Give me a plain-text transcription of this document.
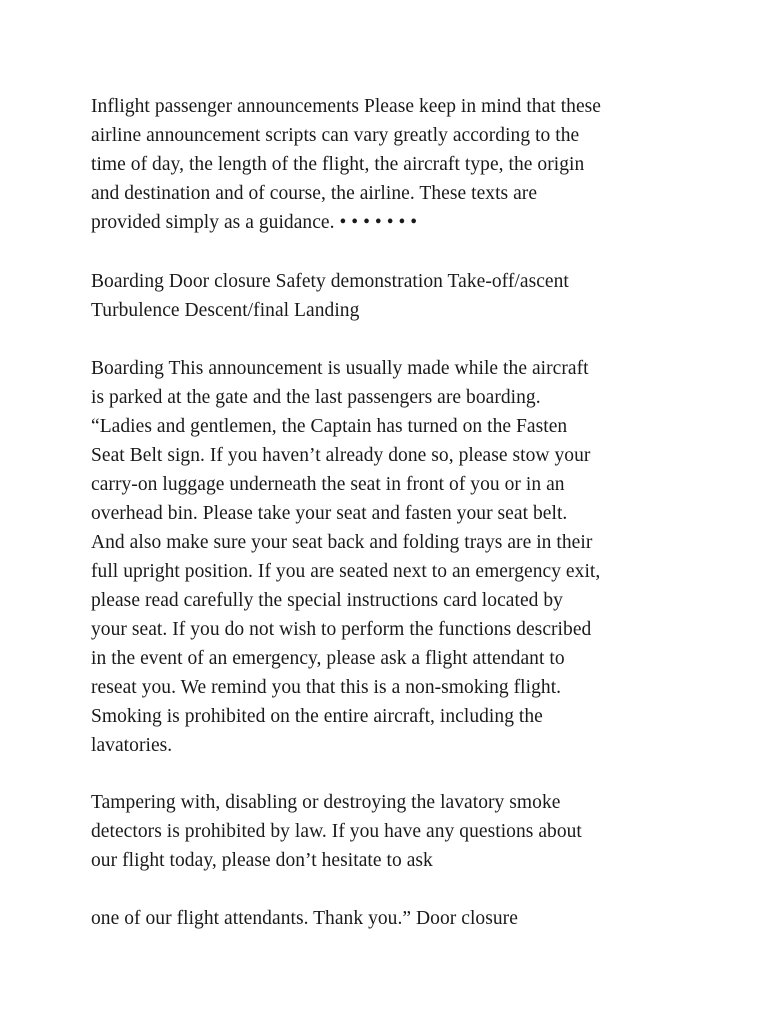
Inflight passenger announcements Please keep in mind that these
airline announcement scripts can vary greatly according to the
time of day, the length of the flight, the aircraft type, the origin
and destination and of course, the airline. These texts are
provided simply as a guidance. • • • • • • •

Boarding Door closure Safety demonstration Take-off/ascent
Turbulence Descent/final Landing

Boarding This announcement is usually made while the aircraft
is parked at the gate and the last passengers are boarding.
“Ladies and gentlemen, the Captain has turned on the Fasten
Seat Belt sign. If you haven’t already done so, please stow your
carry-on luggage underneath the seat in front of you or in an
overhead bin. Please take your seat and fasten your seat belt.
And also make sure your seat back and folding trays are in their
full upright position. If you are seated next to an emergency exit,
please read carefully the special instructions card located by
your seat. If you do not wish to perform the functions described
in the event of an emergency, please ask a flight attendant to
reseat you. We remind you that this is a non-smoking flight.
Smoking is prohibited on the entire aircraft, including the
lavatories.

Tampering with, disabling or destroying the lavatory smoke
detectors is prohibited by law. If you have any questions about
our flight today, please don’t hesitate to ask

one of our flight attendants. Thank you.” Door closure
